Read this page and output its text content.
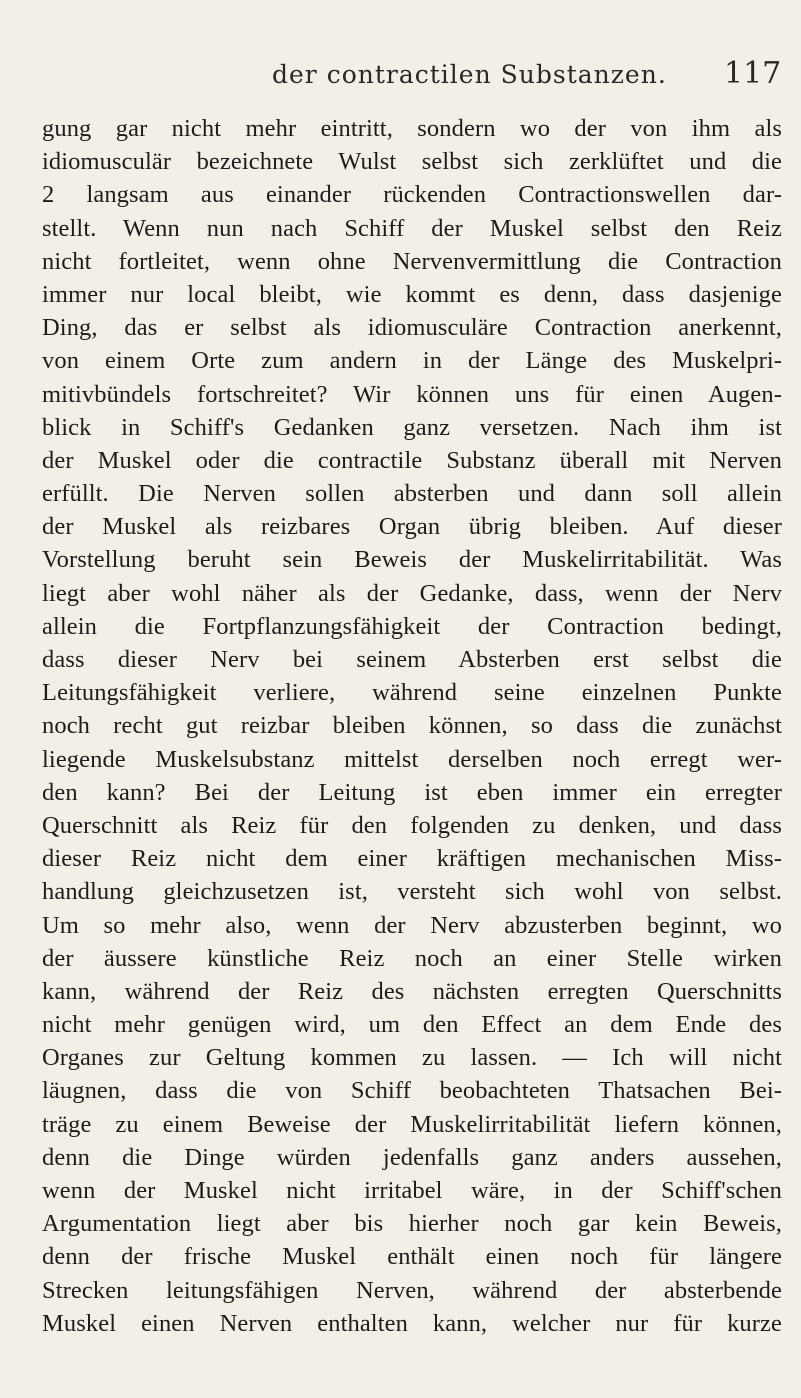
der contractilen Substanzen. 117
gung gar nicht mehr eintritt, sondern wo der von ihm als
idiomusculär bezeichnete Wulst selbst sich zerklüftet und die
2 langsam aus einander rückenden Contractionswellen dar-
stellt. Wenn nun nach Schiff der Muskel selbst den Reiz
nicht fortleitet, wenn ohne Nervenvermittlung die Contraction
immer nur local bleibt, wie kommt es denn, dass dasjenige
Ding, das er selbst als idiomusculäre Contraction anerkennt,
von einem Orte zum andern in der Länge des Muskelpri-
mitivbündels fortschreitet? Wir können uns für einen Augen-
blick in Schiff's Gedanken ganz versetzen. Nach ihm ist
der Muskel oder die contractile Substanz überall mit Nerven
erfüllt. Die Nerven sollen absterben und dann soll allein
der Muskel als reizbares Organ übrig bleiben. Auf dieser
Vorstellung beruht sein Beweis der Muskelirritabilität. Was
liegt aber wohl näher als der Gedanke, dass, wenn der Nerv
allein die Fortpflanzungsfähigkeit der Contraction bedingt,
dass dieser Nerv bei seinem Absterben erst selbst die
Leitungsfähigkeit verliere, während seine einzelnen Punkte
noch recht gut reizbar bleiben können, so dass die zunächst
liegende Muskelsubstanz mittelst derselben noch erregt wer-
den kann? Bei der Leitung ist eben immer ein erregter
Querschnitt als Reiz für den folgenden zu denken, und dass
dieser Reiz nicht dem einer kräftigen mechanischen Miss-
handlung gleichzusetzen ist, versteht sich wohl von selbst.
Um so mehr also, wenn der Nerv abzusterben beginnt, wo
der äussere künstliche Reiz noch an einer Stelle wirken
kann, während der Reiz des nächsten erregten Querschnitts
nicht mehr genügen wird, um den Effect an dem Ende des
Organes zur Geltung kommen zu lassen. — Ich will nicht
läugnen, dass die von Schiff beobachteten Thatsachen Bei-
träge zu einem Beweise der Muskelirritabilität liefern können,
denn die Dinge würden jedenfalls ganz anders aussehen,
wenn der Muskel nicht irritabel wäre, in der Schiff'schen
Argumentation liegt aber bis hierher noch gar kein Beweis,
denn der frische Muskel enthält einen noch für längere
Strecken leitungsfähigen Nerven, während der absterbende
Muskel einen Nerven enthalten kann, welcher nur für kurze
